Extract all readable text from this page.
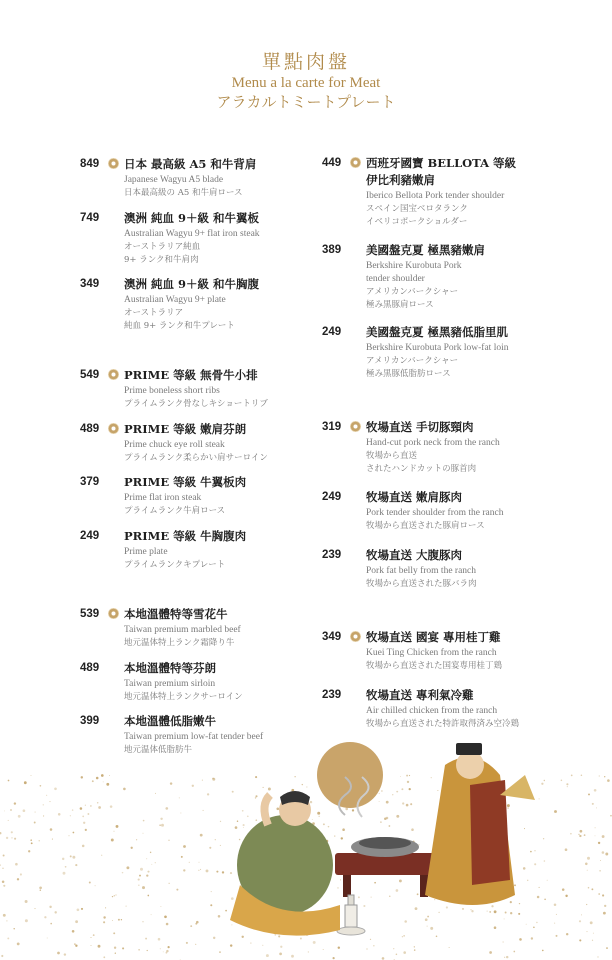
單點肉盤
Menu a la carte for Meat
アラカルトミートプレート
849 日本 最高級 A5 和牛背肩
Japanese Wagyu A5 blade
日本最高級の A5 和牛肩ロース
749 澳洲 純血 9＋級 和牛翼板
Australian Wagyu 9+ flat iron steak
オーストラリア純血
9+ ランク和牛肩肉
349 澳洲 純血 9＋級 和牛胸腹
Australian Wagyu 9+ plate
オーストラリア
純血 9+ ランク和牛プレート
549 PRIME 等級 無骨牛小排
Prime boneless short ribs
プライムランク骨なしキショートリブ
489 PRIME 等級 嫩肩芬朗
Prime chuck eye roll steak
プライムランク柔らかい肩サーロイン
379 PRIME 等級 牛翼板肉
Prime flat iron steak
プライムランク牛肩ロース
249 PRIME 等級 牛胸腹肉
Prime plate
プライムランクキプレート
539 本地溫體特等雪花牛
Taiwan premium marbled beef
地元温体特上ランク霜降り牛
489 本地溫體特等芬朗
Taiwan premium sirloin
地元温体特上ランクサーロイン
399 本地溫體低脂嫩牛
Taiwan premium low-fat tender beef
地元温体低脂肪牛
449 西班牙國寶 BELLOTA 等級
伊比利豬嫩肩
Iberico Bellota Pork tender shoulder
スペイン国宝ベロタランク
イベリコポークショルダー
389 美國盤克夏 極黑豬嫩肩
Berkshire Kurobuta Pork
tender shoulder
アメリカンバークシャー
極み黒豚肩ロース
249 美國盤克夏 極黑豬低脂里肌
Berkshire Kurobuta Pork low-fat loin
アメリカンバークシャー
極み黒豚低脂肪ロース
319 牧場直送 手切豚頸肉
Hand-cut pork neck from the ranch
牧場から直送
されたハンドカットの豚首肉
249 牧場直送 嫩肩豚肉
Pork tender shoulder from the ranch
牧場から直送された豚肩ロース
239 牧場直送 大腹豚肉
Pork fat belly from the ranch
牧場から直送された豚バラ肉
349 牧場直送 國宴 專用桂丁雞
Kuei Ting Chicken from the ranch
牧場から直送された国宴専用桂丁鶏
239 牧場直送 專利氣冷雞
Air chilled chicken from the ranch
牧場から直送された特許取得済み空冷鶏
